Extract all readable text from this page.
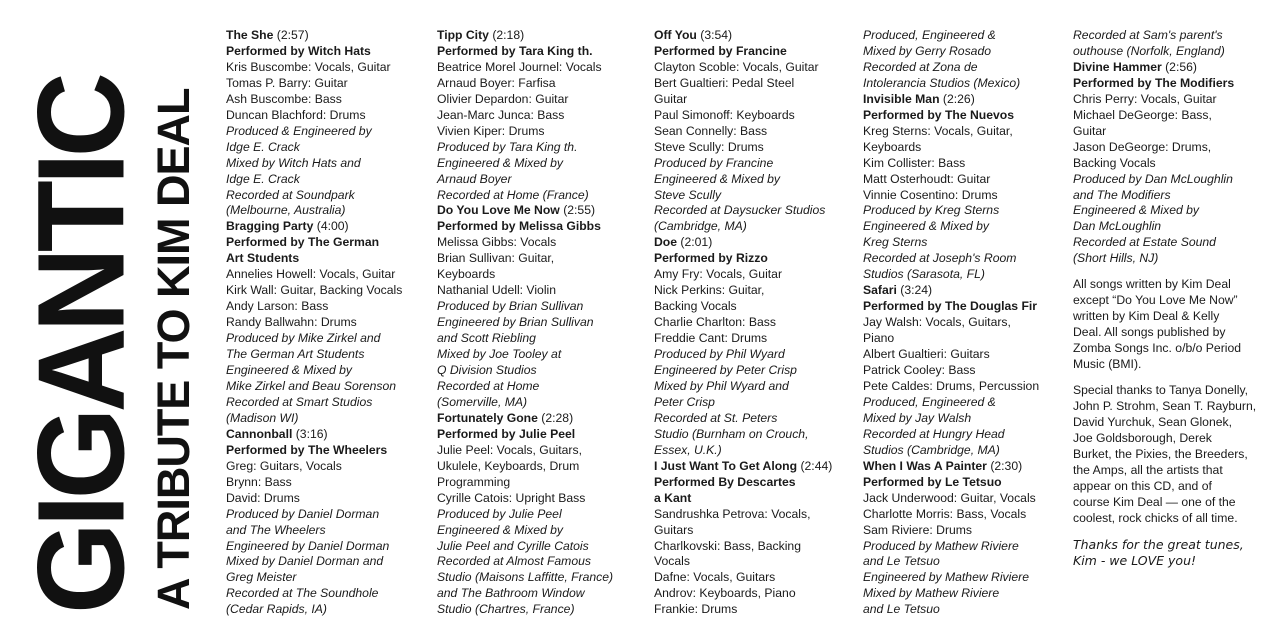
GIGANTIC
A TRIBUTE TO KIM DEAL

The She (2:57)

Performed by Witch Hats

Kris Buscombe: Vocals, Guitar

Tomas P. Barry: Guitar

Ash Buscombe: Bass

Duncan Blachford: Drums

Produced & Engineered by

Idge E. Crack

Mixed by Witch Hats and

Idge E. Crack

Recorded at Soundpark

(Melbourne, Australia)

Bragging Party (4:00)

Performed by The German

Art Students

Annelies Howell: Vocals, Guitar

Kirk Wall: Guitar, Backing Vocals

Andy Larson: Bass

Randy Ballwahn: Drums

Produced by Mike Zirkel and

The German Art Students

Engineered & Mixed by

Mike Zirkel and Beau Sorenson

Recorded at Smart Studios

(Madison WI)

Cannonball (3:16)

Performed by The Wheelers

Greg: Guitars, Vocals

Brynn: Bass

David: Drums

Produced by Daniel Dorman

and The Wheelers

Engineered by Daniel Dorman

Mixed by Daniel Dorman and

Greg Meister

Recorded at The Soundhole

(Cedar Rapids, IA)

Tipp City (2:18)

Performed by Tara King th.

Beatrice Morel Journel: Vocals

Arnaud Boyer: Farfisa

Olivier Depardon: Guitar

Jean-Marc Junca: Bass

Vivien Kiper: Drums

Produced by Tara King th.

Engineered & Mixed by

Arnaud Boyer

Recorded at Home (France)

Do You Love Me Now (2:55)

Performed by Melissa Gibbs

Melissa Gibbs: Vocals

Brian Sullivan: Guitar,

Keyboards

Nathanial Udell: Violin

Produced by Brian Sullivan

Engineered by Brian Sullivan

and Scott Riebling

Mixed by Joe Tooley at

Q Division Studios

Recorded at Home

(Somerville, MA)

Fortunately Gone (2:28)

Performed by Julie Peel

Julie Peel: Vocals, Guitars,

Ukulele, Keyboards, Drum

Programming

Cyrille Catois: Upright Bass

Produced by Julie Peel

Engineered & Mixed by

Julie Peel and Cyrille Catois

Recorded at Almost Famous

Studio (Maisons Laffitte, France)

and The Bathroom Window

Studio (Chartres, France)

Off You (3:54)

Performed by Francine

Clayton Scoble: Vocals, Guitar

Bert Gualtieri: Pedal Steel

Guitar

Paul Simonoff: Keyboards

Sean Connelly: Bass

Steve Scully: Drums

Produced by Francine

Engineered & Mixed by

Steve Scully

Recorded at Daysucker Studios

(Cambridge, MA)

Doe (2:01)

Performed by Rizzo

Amy Fry: Vocals, Guitar

Nick Perkins: Guitar,

Backing Vocals

Charlie Charlton: Bass

Freddie Cant: Drums

Produced by Phil Wyard

Engineered by Peter Crisp

Mixed by Phil Wyard and

Peter Crisp

Recorded at St. Peters

Studio (Burnham on Crouch,

Essex, U.K.)

I Just Want To Get Along (2:44)

Performed By Descartes

a Kant

Sandrushka Petrova: Vocals,

Guitars

Charlkovski: Bass, Backing

Vocals

Dafne: Vocals, Guitars

Androv: Keyboards, Piano

Frankie: Drums

Produced, Engineered &

Mixed by Gerry Rosado

Recorded at Zona de

Intolerancia Studios (Mexico)

Invisible Man (2:26)

Performed by The Nuevos

Kreg Sterns: Vocals, Guitar,

Keyboards

Kim Collister: Bass

Matt Osterhoudt: Guitar

Vinnie Cosentino: Drums

Produced by Kreg Sterns

Engineered & Mixed by

Kreg Sterns

Recorded at Joseph's Room

Studios (Sarasota, FL)

Safari (3:24)

Performed by The Douglas Fir

Jay Walsh: Vocals, Guitars,

Piano

Albert Gualtieri: Guitars

Patrick Cooley: Bass

Pete Caldes: Drums, Percussion

Produced, Engineered &

Mixed by Jay Walsh

Recorded at Hungry Head

Studios (Cambridge, MA)

When I Was A Painter (2:30)

Performed by Le Tetsuo

Jack Underwood: Guitar, Vocals

Charlotte Morris: Bass, Vocals

Sam Riviere: Drums

Produced by Mathew Riviere

and Le Tetsuo

Engineered by Mathew Riviere

Mixed by Mathew Riviere

and Le Tetsuo

Recorded at Sam's parent's

outhouse (Norfolk, England)

Divine Hammer (2:56)

Performed by The Modifiers

Chris Perry: Vocals, Guitar

Michael DeGeorge: Bass,

Guitar

Jason DeGeorge: Drums,

Backing Vocals

Produced by Dan McLoughlin

and The Modifiers

Engineered & Mixed by

Dan McLoughlin

Recorded at Estate Sound

(Short Hills, NJ)

All songs written by Kim Deal

except “Do You Love Me Now”

written by Kim Deal & Kelly

Deal. All songs published by

Zomba Songs Inc. o/b/o Period

Music (BMI).

Special thanks to Tanya Donelly,

John P. Strohm, Sean T. Rayburn,

David Yurchuk, Sean Glonek,

Joe Goldsborough, Derek

Burket, the Pixies, the Breeders,

the Amps, all the artists that

appear on this CD, and of

course Kim Deal — one of the

coolest, rock chicks of all time.

Thanks for the great tunes,

Kim - we LOVE you!
